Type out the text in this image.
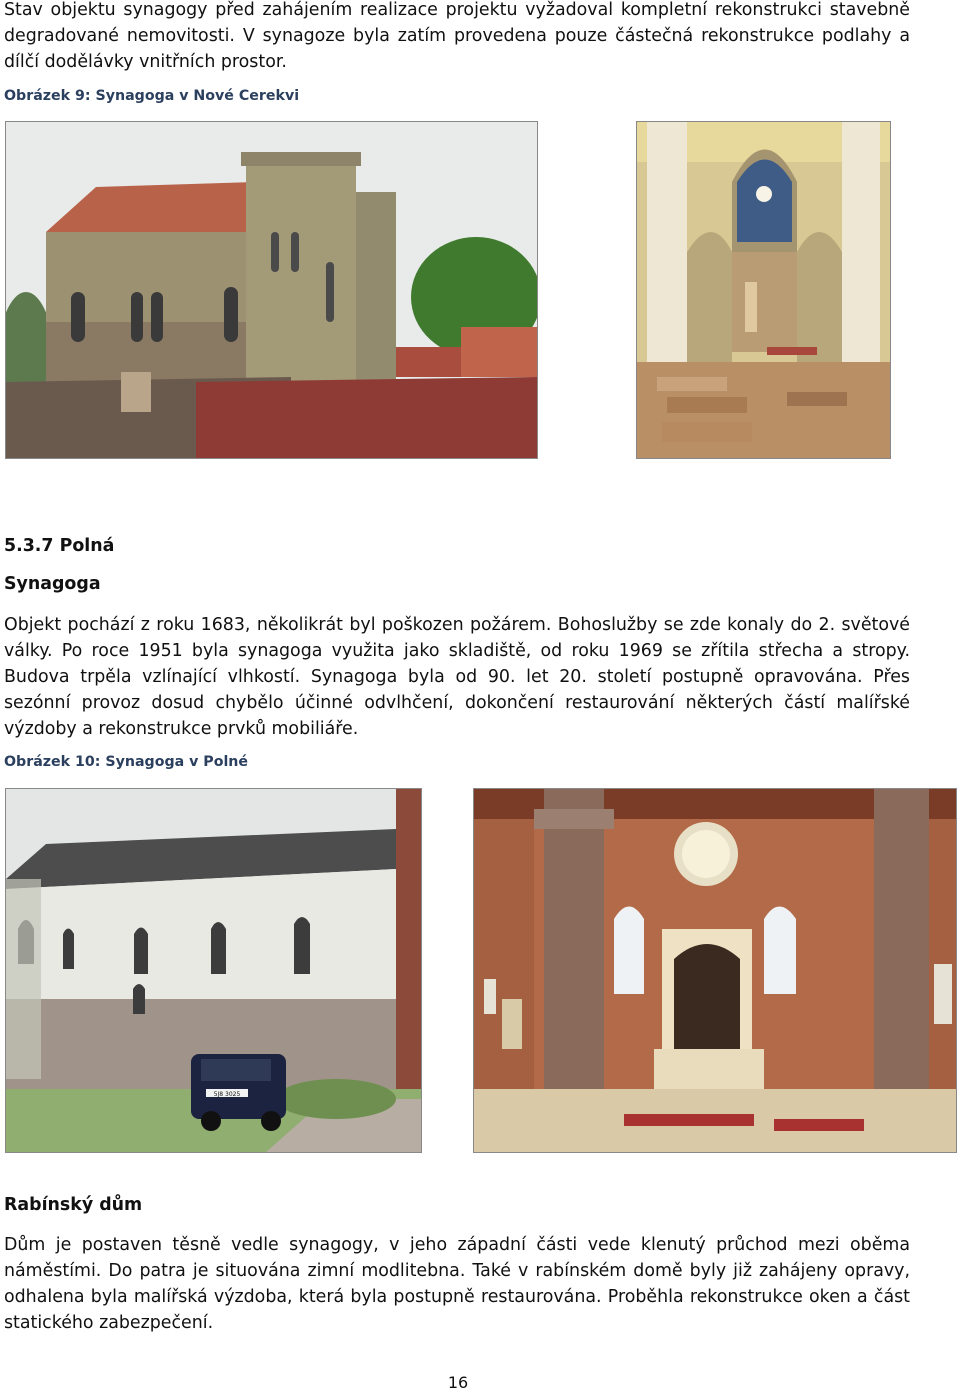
Stav objektu synagogy před zahájením realizace projektu vyžadoval kompletní rekonstrukci stavebně degradované nemovitosti. V synagoze byla zatím provedena pouze částečná rekonstrukce podlahy a dílčí dodělávky vnitřních prostor.

Obrázek 9: Synagoga v Nové Cerekvi

5.3.7 Polná

Synagoga

Objekt pochází z roku 1683, několikrát byl poškozen požárem. Bohoslužby se zde konaly do 2. světové války. Po roce 1951 byla synagoga využita jako skladiště, od roku 1969 se zřítila střecha a stropy. Budova trpěla vzlínající vlhkostí. Synagoga byla od 90. let 20. století postupně opravována. Přes sezónní provoz dosud chybělo účinné odvlhčení, dokončení restaurování některých částí malířské výzdoby a rekonstrukce prvků mobiliáře.

Obrázek 10: Synagoga v Polné

5J8 3025

Rabínský dům

Dům je postaven těsně vedle synagogy, v jeho západní části vede klenutý průchod mezi oběma náměstími. Do patra je situována zimní modlitebna. Také v rabínském domě byly již zahájeny opravy, odhalena byla malířská výzdoba, která byla postupně restaurována. Proběhla rekonstrukce oken a část statického zabezpečení.

16
